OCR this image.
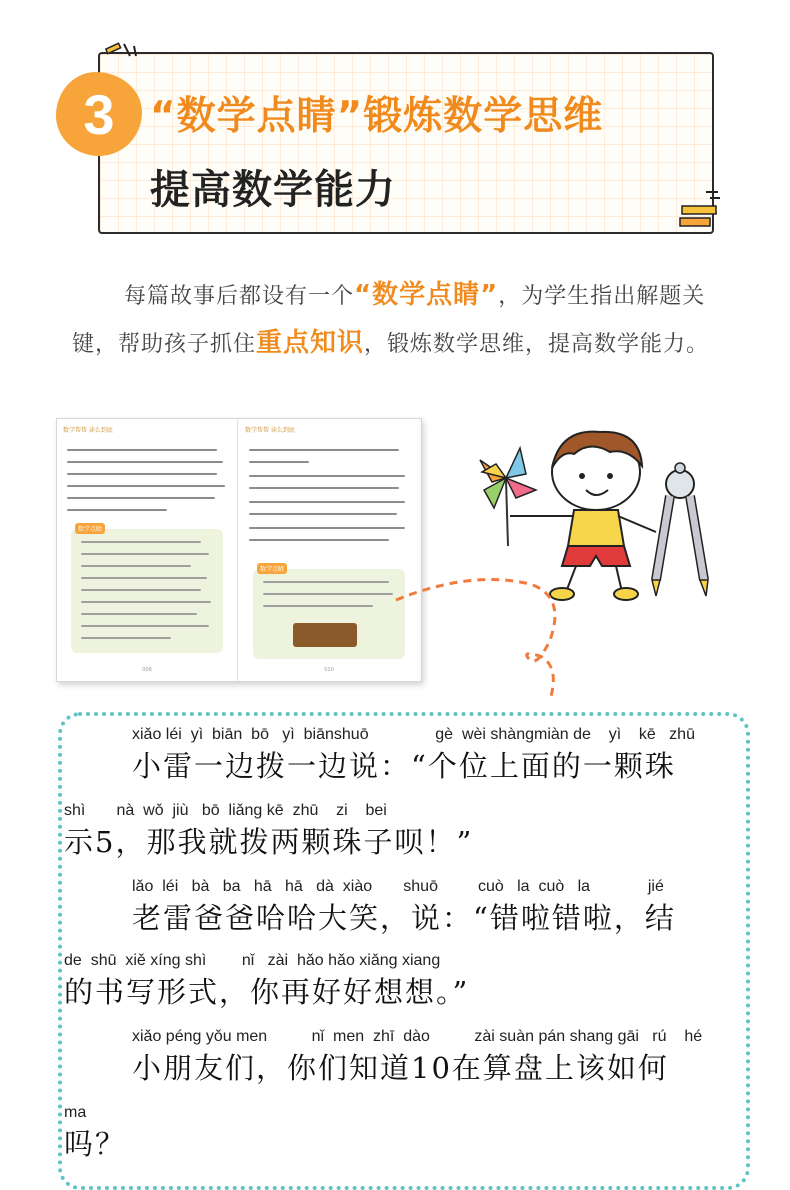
3 “数学点睛”锻炼数学思维
提高数学能力
每篇故事后都设有一个“数学点睛”，为学生指出解题关键，帮助孩子抓住重点知识，锻炼数学思维，提高数学能力。
数学帮帮 读么到底
数学点睛
006
数学帮帮 读么到底
数学点睛
010
xiǎo léi  yì  biān  bō   yì  biānshuō               gè  wèi shàngmiàn de    yì    kē   zhū
小雷一边拨一边说：“个位上面的一颗珠
shì       nà  wǒ  jiù   bō  liǎng kē  zhū    zi    bei
示5，那我就拨两颗珠子呗！”
lǎo  léi   bà   ba   hā   hā   dà  xiào       shuō         cuò   la  cuò   la             jié
老雷爸爸哈哈大笑，说：“错啦错啦，结
de  shū  xiě xíng shì        nǐ   zài  hǎo hǎo xiǎng xiang
的书写形式，你再好好想想。”
xiǎo péng yǒu men          nǐ  men  zhī  dào          zài suàn pán shang gāi   rú    hé
小朋友们，你们知道10在算盘上该如何
ma
吗？
